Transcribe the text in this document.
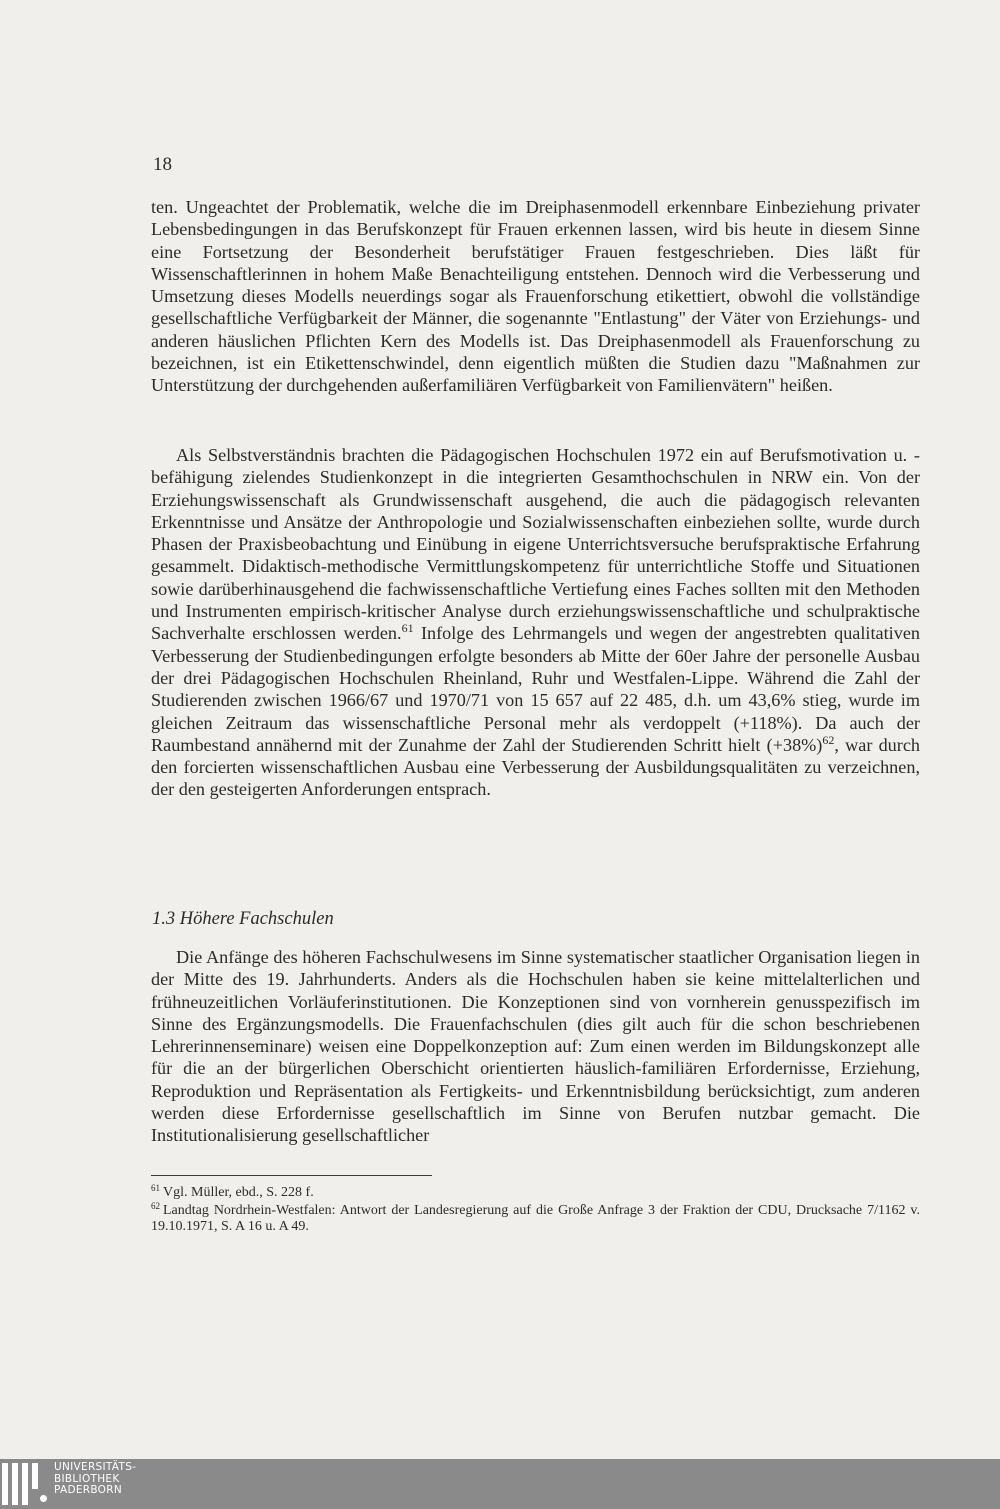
18
ten. Ungeachtet der Problematik, welche die im Dreiphasenmodell erkennbare Einbeziehung privater Lebensbedingungen in das Berufskonzept für Frauen erkennen lassen, wird bis heute in diesem Sinne eine Fortsetzung der Besonderheit berufstätiger Frauen festgeschrieben. Dies läßt für Wissenschaftlerinnen in hohem Maße Benachteiligung entstehen. Dennoch wird die Verbesserung und Umsetzung dieses Modells neuerdings sogar als Frauenforschung etikettiert, obwohl die vollständige gesellschaftliche Verfügbarkeit der Männer, die sogenannte "Entlastung" der Väter von Erziehungs- und anderen häuslichen Pflichten Kern des Modells ist. Das Dreiphasenmodell als Frauenforschung zu bezeichnen, ist ein Etikettenschwindel, denn eigentlich müßten die Studien dazu "Maßnahmen zur Unterstützung der durchgehenden außerfamiliären Verfügbarkeit von Familienvätern" heißen.
Als Selbstverständnis brachten die Pädagogischen Hochschulen 1972 ein auf Berufsmotivation u. -befähigung zielendes Studienkonzept in die integrierten Gesamthochschulen in NRW ein. Von der Erziehungswissenschaft als Grundwissenschaft ausgehend, die auch die pädagogisch relevanten Erkenntnisse und Ansätze der Anthropologie und Sozialwissenschaften einbeziehen sollte, wurde durch Phasen der Praxisbeobachtung und Einübung in eigene Unterrichtsversuche berufspraktische Erfahrung gesammelt. Didaktisch-methodische Vermittlungskompetenz für unterrichtliche Stoffe und Situationen sowie darüberhinausgehend die fachwissenschaftliche Vertiefung eines Faches sollten mit den Methoden und Instrumenten empirisch-kritischer Analyse durch erziehungswissenschaftliche und schulpraktische Sachverhalte erschlossen werden.$^{61}$ Infolge des Lehrmangels und wegen der angestrebten qualitativen Verbesserung der Studienbedingungen erfolgte besonders ab Mitte der 60er Jahre der personelle Ausbau der drei Pädagogischen Hochschulen Rheinland, Ruhr und Westfalen-Lippe. Während die Zahl der Studierenden zwischen 1966/67 und 1970/71 von 15 657 auf 22 485, d.h. um 43,6% stieg, wurde im gleichen Zeitraum das wissenschaftliche Personal mehr als verdoppelt (+118%). Da auch der Raumbestand annähernd mit der Zunahme der Zahl der Studierenden Schritt hielt $(+38\%)^{62}$, war durch den forcierten wissenschaftlichen Ausbau eine Verbesserung der Ausbildungsqualitäten zu verzeichnen, der den gesteigerten Anforderungen entsprach.
1.3 Höhere Fachschulen
Die Anfänge des höheren Fachschulwesens im Sinne systematischer staatlicher Organisation liegen in der Mitte des 19. Jahrhunderts. Anders als die Hochschulen haben sie keine mittelalterlichen und frühneuzeitlichen Vorläuferinstitutionen. Die Konzeptionen sind von vornherein genusspezifisch im Sinne des Ergänzungsmodells. Die Frauenfachschulen (dies gilt auch für die schon beschriebenen Lehrerinnenseminare) weisen eine Doppelkonzeption auf: Zum einen werden im Bildungskonzept alle für die an der bürgerlichen Oberschicht orientierten häuslich-familiären Erfordernisse, Erziehung, Reproduktion und Repräsentation als Fertigkeits- und Erkenntnisbildung berücksichtigt, zum anderen werden diese Erfordernisse gesellschaftlich im Sinne von Berufen nutzbar gemacht. Die Institutionalisierung gesellschaftlicher
$^{61}$ Vgl. Müller, ebd., S. 228 f.
$^{62}$ Landtag Nordrhein-Westfalen: Antwort der Landesregierung auf die Große Anfrage 3 der Fraktion der CDU, Drucksache 7/1162 v. 19.10.1971, S. A 16 u. A 49.
UNIVERSITÄTS-
BIBLIOTHEK
PADERBORN
